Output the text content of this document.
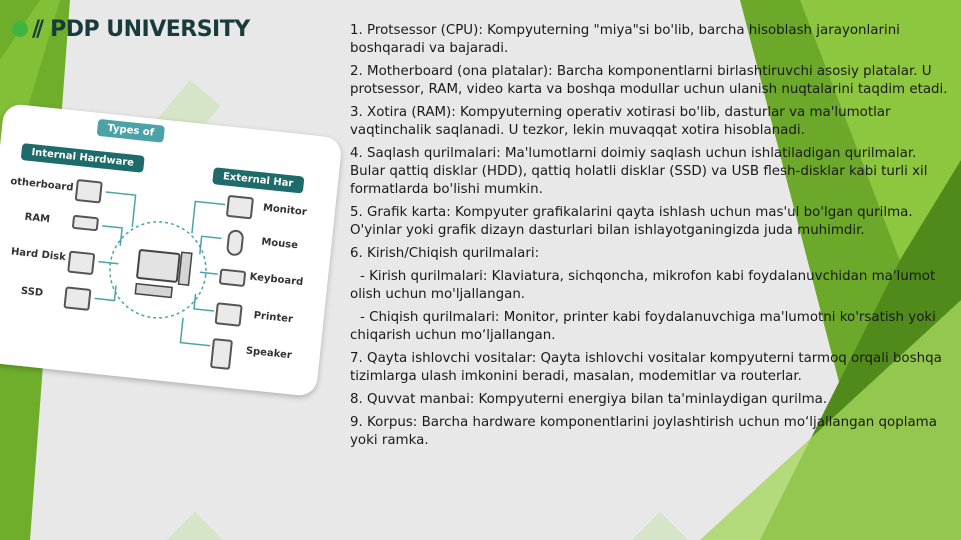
// PDP UNIVERSITY
Types of
Internal Hardware
External Har
otherboard
RAM
Hard Disk
SSD
Monitor
Mouse
Keyboard
Printer
Speaker

1. Protsessor (CPU): Kompyuterning "miya"si bo'lib, barcha hisoblash jarayonlarini boshqaradi va bajaradi.

2. Motherboard (ona platalar): Barcha komponentlarni birlashtiruvchi asosiy platalar. U protsessor, RAM, video karta va boshqa modullar uchun ulanish nuqtalarini taqdim etadi.

3. Xotira (RAM): Kompyuterning operativ xotirasi bo'lib, dasturlar va ma'lumotlar vaqtinchalik saqlanadi. U tezkor, lekin muvaqqat xotira hisoblanadi.

4. Saqlash qurilmalari: Ma'lumotlarni doimiy saqlash uchun ishlatiladigan qurilmalar. Bular qattiq disklar (HDD), qattiq holatli disklar (SSD) va USB flesh-disklar kabi turli xil formatlarda bo'lishi mumkin.

5. Grafik karta: Kompyuter grafikalarini qayta ishlash uchun mas'ul bo'lgan qurilma. O'yinlar yoki grafik dizayn dasturlari bilan ishlayotganingizda juda muhimdir.

6. Kirish/Chiqish qurilmalari:

- Kirish qurilmalari: Klaviatura, sichqoncha, mikrofon kabi foydalanuvchidan ma'lumot olish uchun mo'ljallangan.

- Chiqish qurilmalari: Monitor, printer kabi foydalanuvchiga ma'lumotni ko'rsatish yoki chiqarish uchun mo‘ljallangan.

7. Qayta ishlovchi vositalar: Qayta ishlovchi vositalar kompyuterni tarmoq orqali boshqa tizimlarga ulash imkonini beradi, masalan, modemitlar va routerlar.

8. Quvvat manbai: Kompyuterni energiya bilan ta'minlaydigan qurilma.

9. Korpus: Barcha hardware komponentlarini joylashtirish uchun mo‘ljallangan qoplama yoki ramka.
